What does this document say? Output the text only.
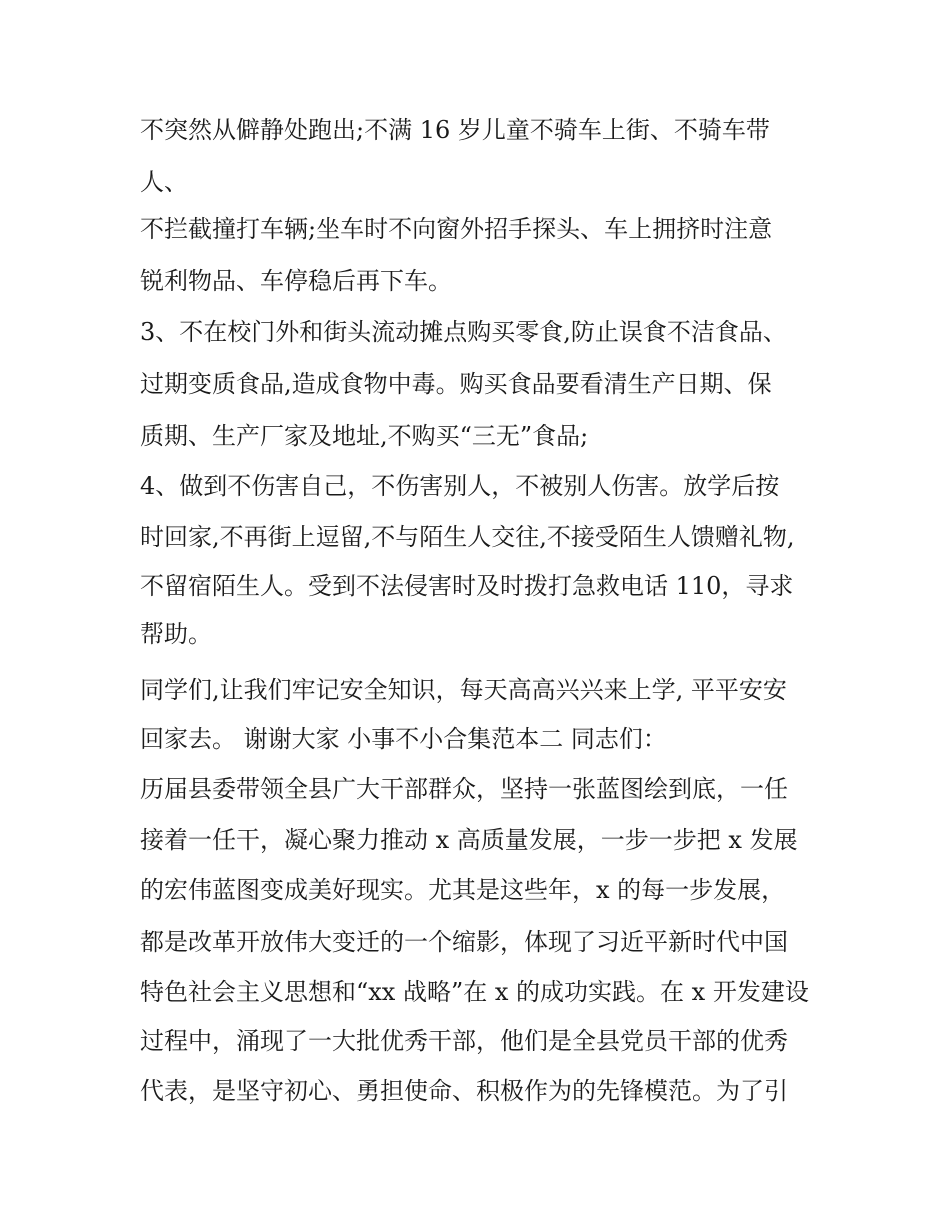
不突然从僻静处跑出;不满 16 岁儿童不骑车上街、不骑车带

人、

不拦截撞打车辆;坐车时不向窗外招手探头、车上拥挤时注意

锐利物品、车停稳后再下车。

3、不在校门外和街头流动摊点购买零食,防止误食不洁食品、

过期变质食品,造成食物中毒。购买食品要看清生产日期、保

质期、生产厂家及地址,不购买“三无”食品;

4、做到不伤害自己，不伤害别人，不被别人伤害。放学后按

时回家,不再街上逗留,不与陌生人交往,不接受陌生人馈赠礼物,

不留宿陌生人。受到不法侵害时及时拨打急救电话 110，寻求

帮助。

同学们,让我们牢记安全知识，每天高高兴兴来上学, 平平安安

回家去。 谢谢大家 小事不小合集范本二 同志们：

历届县委带领全县广大干部群众，坚持一张蓝图绘到底，一任

接着一任干，凝心聚力推动 x 高质量发展，一步一步把 x 发展

的宏伟蓝图变成美好现实。尤其是这些年，x 的每一步发展，

都是改革开放伟大变迁的一个缩影，体现了习近平新时代中国

特色社会主义思想和“xx 战略”在 x 的成功实践。在 x 开发建设

过程中，涌现了一大批优秀干部，他们是全县党员干部的优秀

代表，是坚守初心、勇担使命、积极作为的先锋模范。为了引
